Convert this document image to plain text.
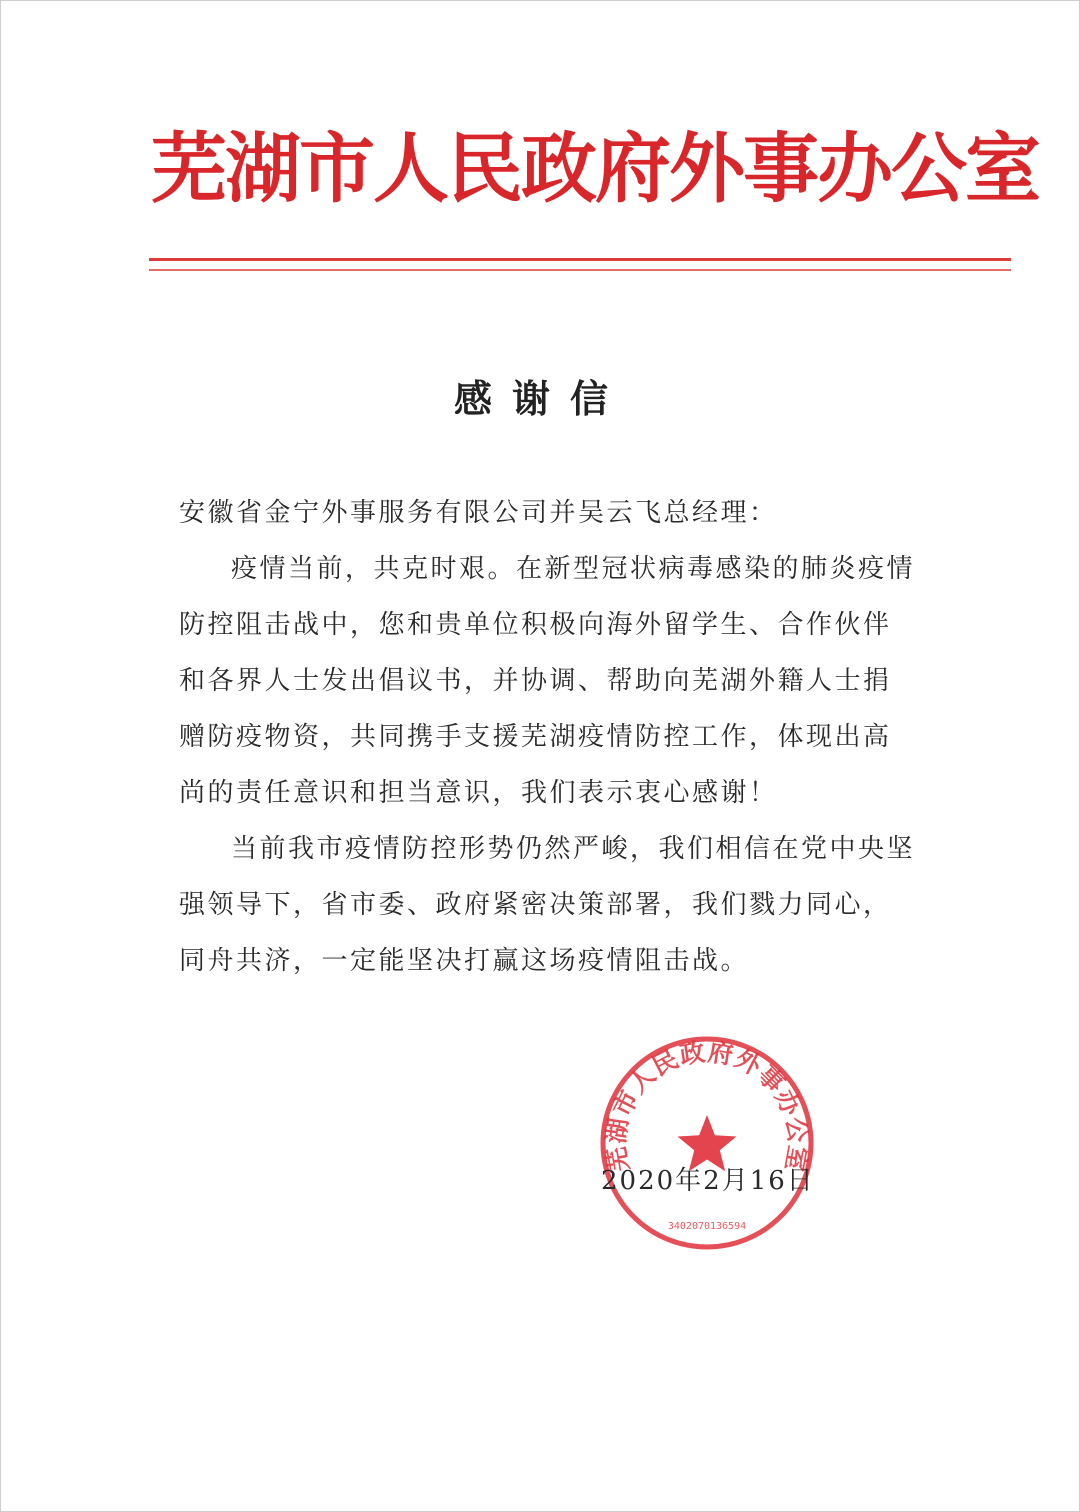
芜湖市人民政府外事办公室
感谢信

安徽省金宁外事服务有限公司并吴云飞总经理：

疫情当前，共克时艰。在新型冠状病毒感染的肺炎疫情防控阻击战中，您和贵单位积极向海外留学生、合作伙伴和各界人士发出倡议书，并协调、帮助向芜湖外籍人士捐赠防疫物资，共同携手支援芜湖疫情防控工作，体现出高尚的责任意识和担当意识，我们表示衷心感谢！

当前我市疫情防控形势仍然严峻，我们相信在党中央坚强领导下，省市委、政府紧密决策部署，我们戮力同心，同舟共济，一定能坚决打赢这场疫情阻击战。

芜湖市人民政府外事办公室
3402070136594
2020年2月16日
